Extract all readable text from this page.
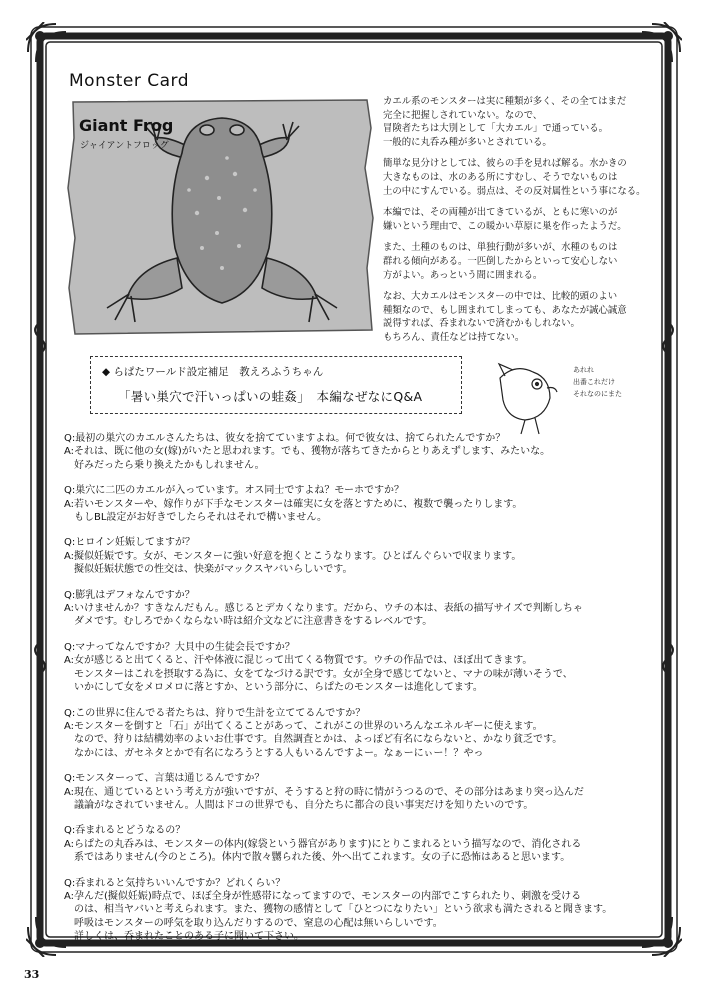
Monster Card
Giant Frog
ジャイアントフロッグ

カエル系のモンスターは実に種類が多く、その全てはまだ
完全に把握しされていない。なので、
冒険者たちは大別として「大カエル」で通っている。
一般的に丸呑み種が多いとされている。

簡単な見分けとしては、彼らの手を見れば解る。水かきの
大きなものは、水のある所にすむし、そうでないものは
土の中にすんでいる。弱点は、その反対属性という事になる。

本編では、その両種が出てきているが、ともに寒いのが
嫌いという理由で、この暖かい草原に巣を作ったようだ。

また、土種のものは、単独行動が多いが、水種のものは
群れる傾向がある。一匹倒したからといって安心しない
方がよい。あっという間に囲まれる。

なお、大カエルはモンスターの中では、比較的頭のよい
種類なので、もし囲まれてしまっても、あなたが誠心誠意
説得すれば、呑まれないで済むかもしれない。
もちろん、責任などは持てない。

◆ らぱたワールド設定補足　教えろふうちゃん
「暑い巣穴で汗いっぱいの蛙姦」　本編なぜなにQ&A
あれれ
出番これだけ
それなのにまた
Q:最初の巣穴のカエルさんたちは、彼女を捨てていますよね。何で彼女は、捨てられたんですか？
A:それは、既に他の女(嫁)がいたと思われます。でも、獲物が落ちてきたからとりあえずします、みたいな。
　好みだったら乗り換えたかもしれません。
Q:巣穴に二匹のカエルが入っています。オス同士ですよね？モーホですか？
A:若いモンスターや、嫁作りが下手なモンスターは確実に女を落とすために、複数で襲ったりします。
　もしBL設定がお好きでしたらそれはそれで構いません。
Q:ヒロイン妊娠してますが？
A:擬似妊娠です。女が、モンスターに強い好意を抱くとこうなります。ひとばんぐらいで収まります。
　擬似妊娠状態での性交は、快楽がマックスヤバいらしいです。
Q:膨乳はデフォなんですか？
A:いけませんか？すきなんだもん。感じるとデカくなります。だから、ウチの本は、表紙の描写サイズで判断しちゃ
　ダメです。むしろでかくならない時は紹介文などに注意書きをするレベルです。
Q:マナってなんですか？大貝中の生徒会長ですか？
A:女が感じると出てくると、汗や体液に混じって出てくる物質です。ウチの作品では、ほぼ出てきます。
　モンスターはこれを摂取する為に、女をてなづける訳です。女が全身で感じてないと、マナの味が薄いそうで、
　いかにして女をメロメロに落とすか、という部分に、らぱたのモンスターは進化してます。
Q:この世界に住んでる者たちは、狩りで生計を立ててるんですか？
A:モンスターを倒すと「石」が出てくることがあって、これがこの世界のいろんなエネルギーに使えます。
　なので、狩りは結構効率のよいお仕事です。自然調査とかは、よっぽど有名にならないと、かなり貧乏です。
　なかには、ガセネタとかで有名になろうとする人もいるんですよー。なぁーにぃー！？やっ
Q:モンスターって、言葉は通じるんですか？
A:現在、通じているという考え方が強いですが、そうすると狩の時に情がうつるので、その部分はあまり突っ込んだ
　議論がなされていません。人間はドコの世界でも、自分たちに都合の良い事実だけを知りたいのです。
Q:呑まれるとどうなるの？
A:らぱたの丸呑みは、モンスターの体内(嫁袋という器官があります)にとりこまれるという描写なので、消化される
　系ではありません(今のところ)。体内で散々嬲られた後、外へ出てこれます。女の子に恐怖はあると思います。
Q:呑まれると気持ちいいんですか？どれくらい？
A:孕んだ(擬似妊娠)時点で、ほぼ全身が性感帯になってますので、モンスターの内部でこすられたり、刺激を受ける
　のは、相当ヤバいと考えられます。また、獲物の感情として「ひとつになりたい」という欲求も満たされると聞きます。
　呼吸はモンスターの呼気を取り込んだりするので、窒息の心配は無いらしいです。
　詳しくは、呑まれたことのある子に聞いて下さい。
33
